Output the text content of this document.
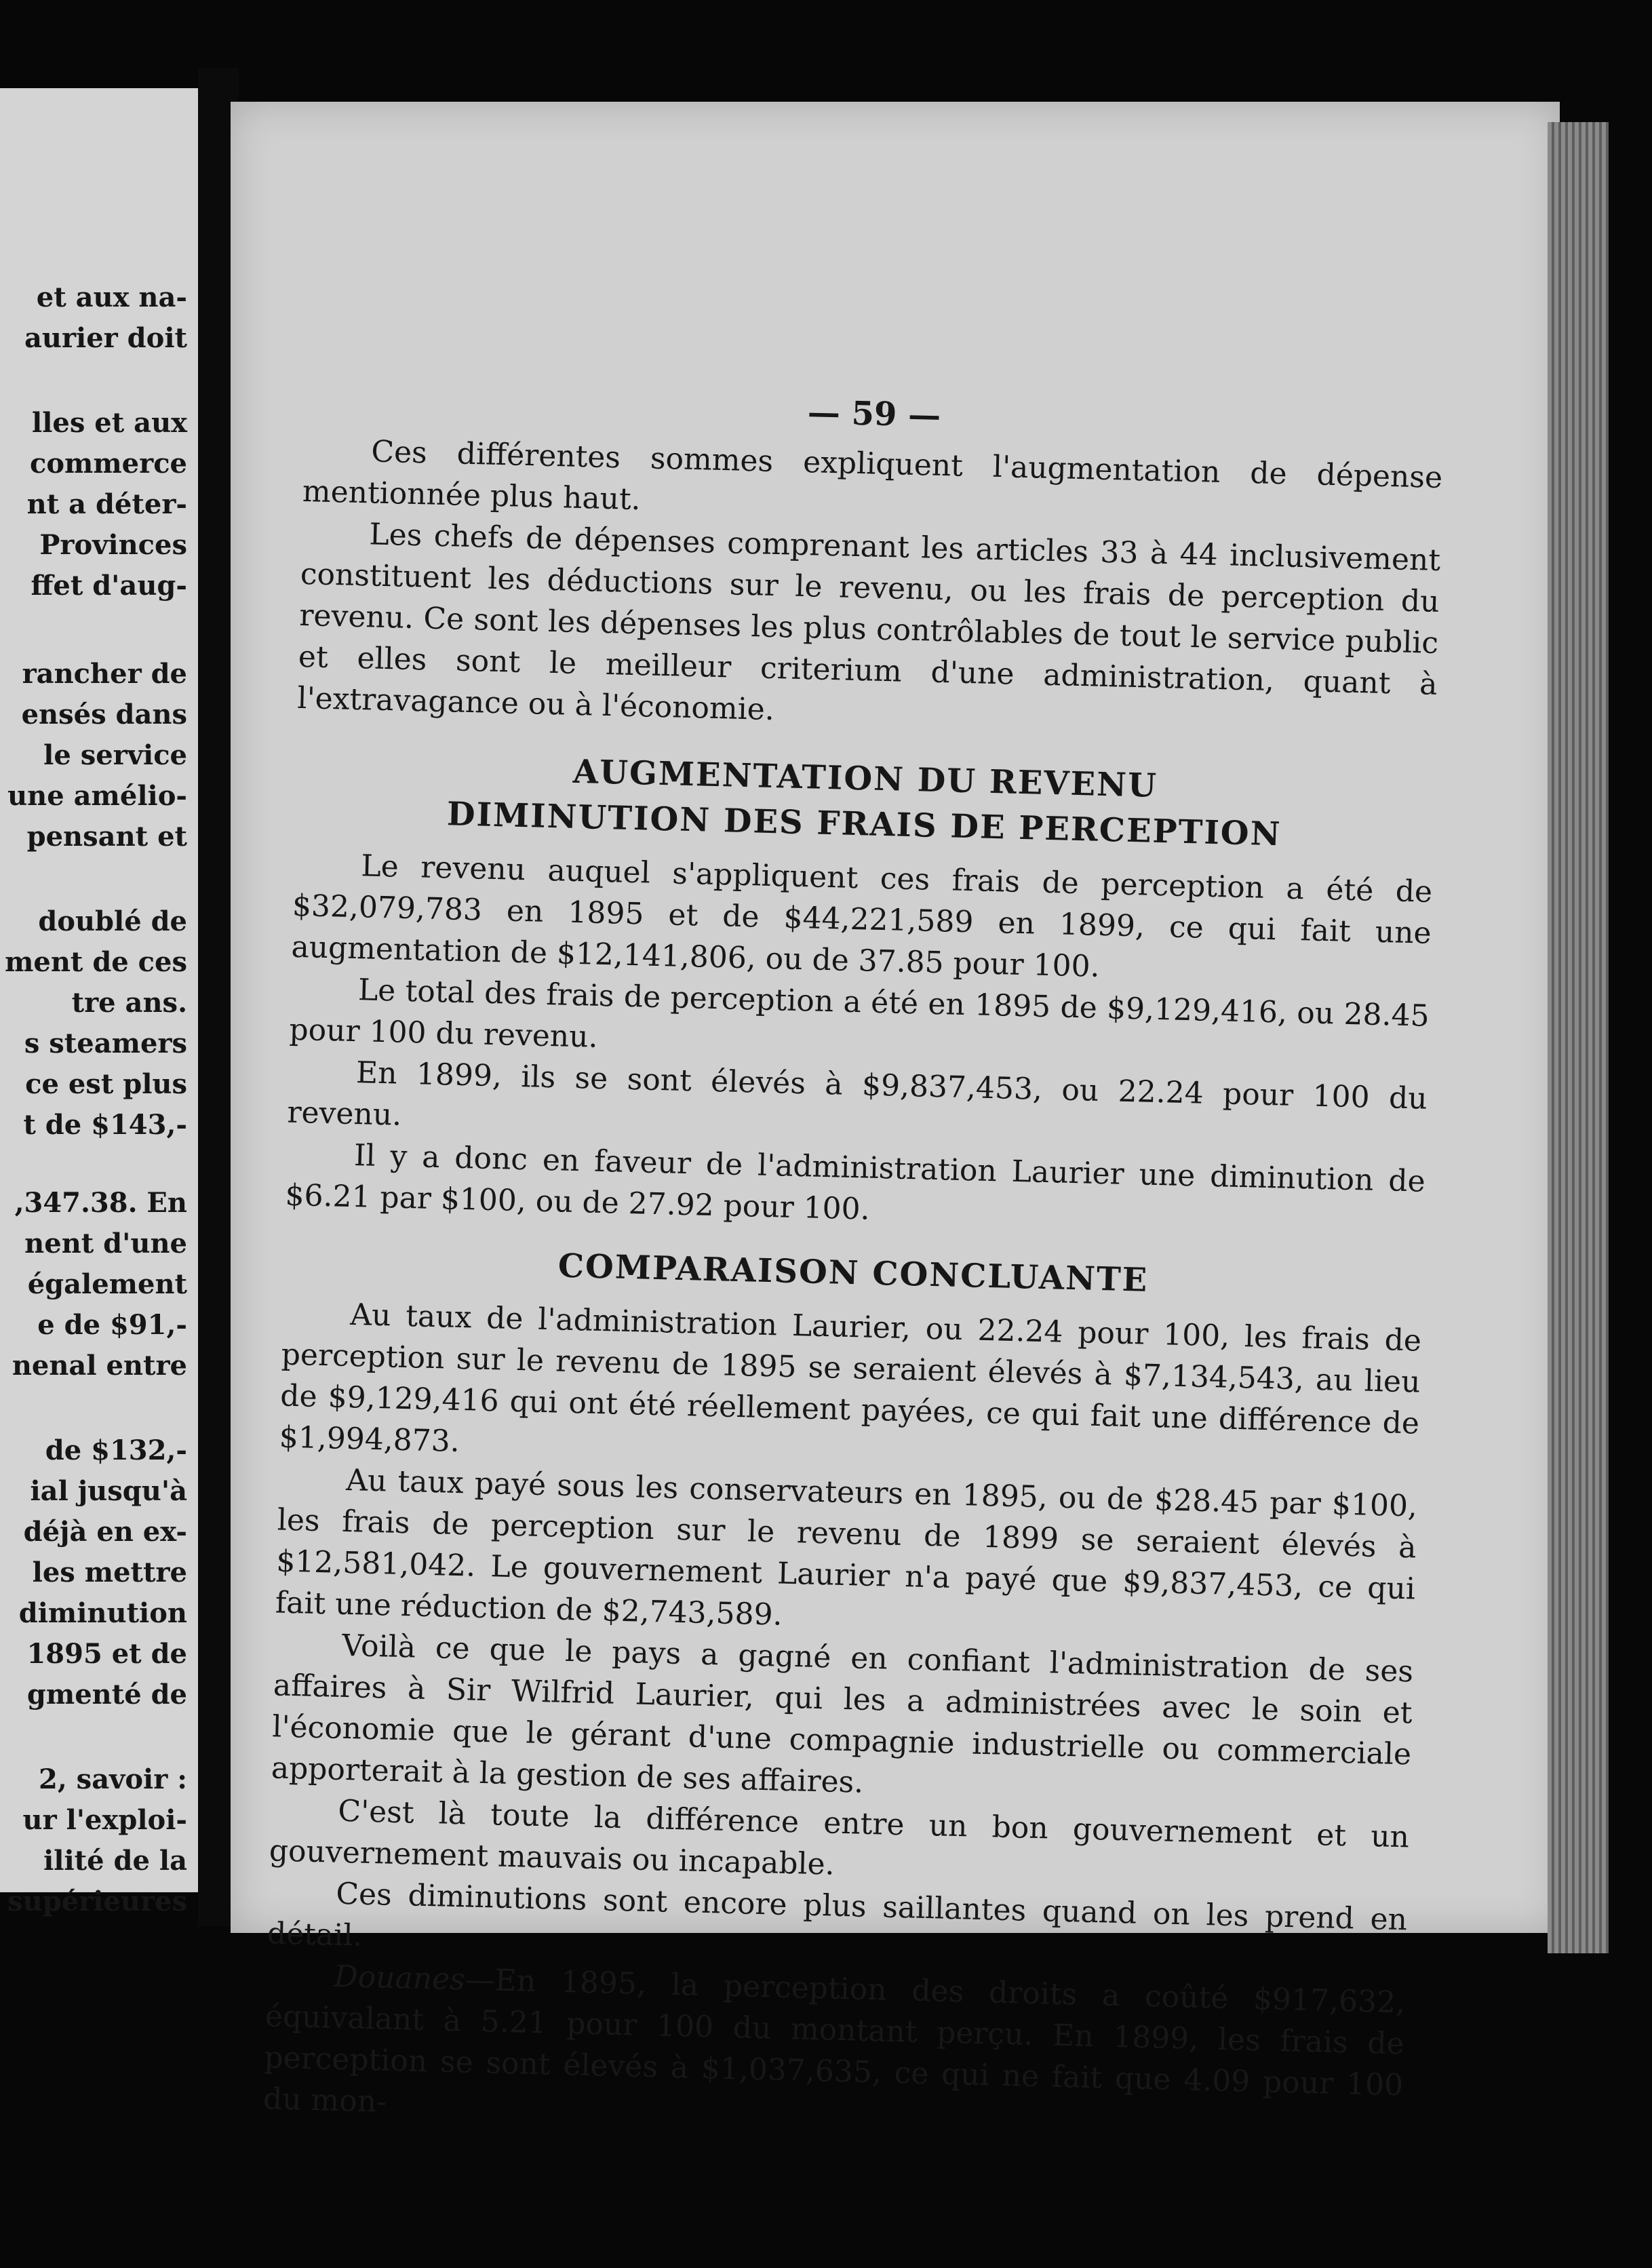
et aux na-
aurier doit
lles et aux
commerce
nt a déter-
Provinces
ffet d'aug-
rancher de
ensés dans
le service
une amélio-
pensant et
doublé de
ment de ces
tre ans.
s steamers
ce est plus
t de $143,-
,347.38. En
nent d'une
également
e de $91,-
nenal entre
de $132,-
ial jusqu'à
déjà en ex-
les mettre
diminution
1895 et de
gmenté de
2, savoir :
ur l'exploi-
ilité de la
supérieures
— 59 —

Ces différentes sommes expliquent l'augmentation de dépense mentionnée plus haut.

Les chefs de dépenses comprenant les articles 33 à 44 inclusivement constituent les déductions sur le revenu, ou les frais de perception du revenu. Ce sont les dépenses les plus contrôlables de tout le service public et elles sont le meilleur criterium d'une administration, quant à l'extravagance ou à l'économie.

AUGMENTATION DU REVENU
DIMINUTION DES FRAIS DE PERCEPTION

Le revenu auquel s'appliquent ces frais de perception a été de $32,079,783 en 1895 et de $44,221,589 en 1899, ce qui fait une augmentation de $12,141,806, ou de 37.85 pour 100.

Le total des frais de perception a été en 1895 de $9,129,416, ou 28.45 pour 100 du revenu.

En 1899, ils se sont élevés à $9,837,453, ou 22.24 pour 100 du revenu.

Il y a donc en faveur de l'administration Laurier une diminution de $6.21 par $100, ou de 27.92 pour 100.

COMPARAISON CONCLUANTE

Au taux de l'administration Laurier, ou 22.24 pour 100, les frais de perception sur le revenu de 1895 se seraient élevés à $7,134,543, au lieu de $9,129,416 qui ont été réellement payées, ce qui fait une différence de $1,994,873.

Au taux payé sous les conservateurs en 1895, ou de $28.45 par $100, les frais de perception sur le revenu de 1899 se seraient élevés à $12,581,042. Le gouvernement Laurier n'a payé que $9,837,453, ce qui fait une réduction de $2,743,589.

Voilà ce que le pays a gagné en confiant l'administration de ses affaires à Sir Wilfrid Laurier, qui les a administrées avec le soin et l'économie que le gérant d'une compagnie industrielle ou commerciale apporterait à la gestion de ses affaires.

C'est là toute la différence entre un bon gouvernement et un gouvernement mauvais ou incapable.

Ces diminutions sont encore plus saillantes quand on les prend en détail.

Douanes—En 1895, la perception des droits a coûté $917,632, équivalant à 5.21 pour 100 du montant perçu. En 1899, les frais de perception se sont élevés à $1,037,635, ce qui ne fait que 4.09 pour 100 du mon-
